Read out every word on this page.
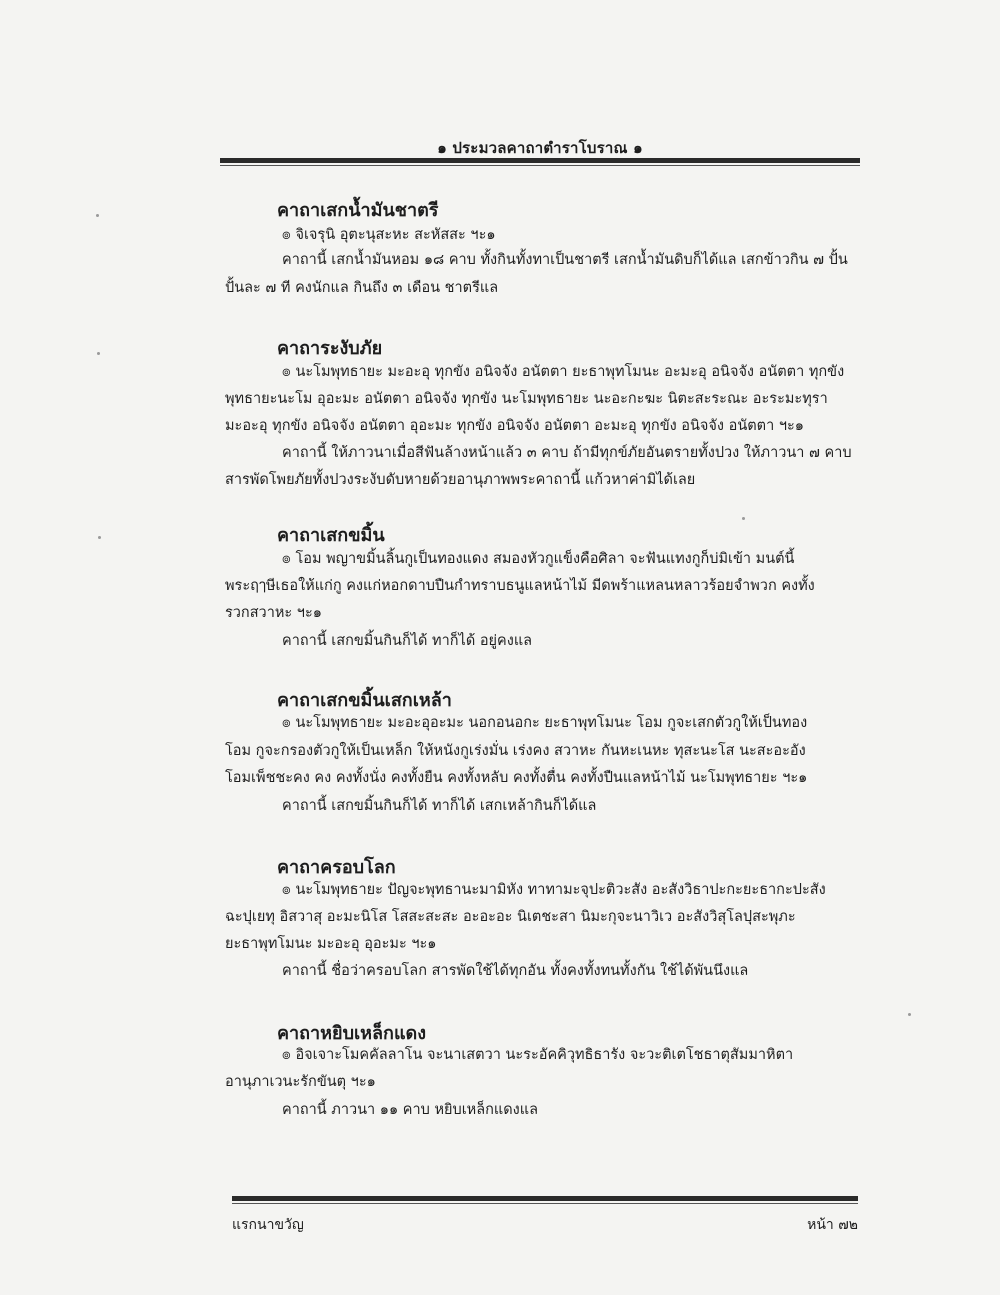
๑ ประมวลคาถาตำราโบราณ ๑
คาถาเสกน้ำมันชาตรี
๏ จิเจรุนิ อุตะนุสะหะ สะหัสสะ ฯะ๑
คาถานี้ เสกน้ำมันหอม ๑๘ คาบ ทั้งกินทั้งทาเป็นชาตรี เสกน้ำมันดิบก็ได้แล เสกข้าวกิน ๗ ปั้น
ปั้นละ ๗ ที คงนักแล กินถึง ๓ เดือน ชาตรีแล
คาถาระงับภัย
๏ นะโมพุทธายะ มะอะอุ ทุกขัง อนิจจัง อนัตตา ยะธาพุทโมนะ อะมะอุ อนิจจัง อนัตตา ทุกขัง
พุทธายะนะโม อุอะมะ อนัตตา อนิจจัง ทุกขัง นะโมพุทธายะ นะอะกะฆะ นิตะสะระณะ อะระมะทุรา
มะอะอุ ทุกขัง อนิจจัง อนัตตา อุอะมะ ทุกขัง อนิจจัง อนัตตา อะมะอุ ทุกขัง อนิจจัง อนัตตา ฯะ๑
คาถานี้ ให้ภาวนาเมื่อสีฟันล้างหน้าแล้ว ๓ คาบ ถ้ามีทุกข์ภัยอันตรายทั้งปวง ให้ภาวนา ๗ คาบ
สารพัดโพยภัยทั้งปวงระงับดับหายด้วยอานุภาพพระคาถานี้ แก้วหาค่ามิได้เลย
คาถาเสกขมิ้น
๏ โอม พญาขมิ้นลิ้นกูเป็นทองแดง สมองหัวกูแข็งคือศิลา จะฟันแทงกูก็บ่มิเข้า มนต์นี้
พระฤๅษีเธอให้แก่กู คงแก่หอกดาบปืนกำทราบธนูแลหน้าไม้ มีดพร้าแหลนหลาวร้อยจำพวก คงทั้ง
รวกสวาหะ ฯะ๑
คาถานี้ เสกขมิ้นกินก็ได้ ทาก็ได้ อยู่คงแล
คาถาเสกขมิ้นเสกเหล้า
๏ นะโมพุทธายะ มะอะอุอะมะ นอกอนอกะ ยะธาพุทโมนะ โอม กูจะเสกตัวกูให้เป็นทอง
โอม กูจะกรองตัวกูให้เป็นเหล็ก ให้หนังกูเร่งมั่น เร่งคง สวาหะ กันหะเนหะ ทุสะนะโส นะสะอะอัง
โอมเพ็ชชะคง คง คงทั้งนั่ง คงทั้งยืน คงทั้งหลับ คงทั้งตื่น คงทั้งปืนแลหน้าไม้ นะโมพุทธายะ ฯะ๑
คาถานี้ เสกขมิ้นกินก็ได้ ทาก็ได้ เสกเหล้ากินก็ได้แล
คาถาครอบโลก
๏ นะโมพุทธายะ ปัญจะพุทธานะมามิหัง ทาทามะจุปะติวะสัง อะสังวิธาปะกะยะธากะปะสัง
ฉะปุเยทุ อิสวาสุ อะมะนิโส โสสะสะสะ อะอะอะ นิเตชะสา นิมะกุจะนาวิเว อะสังวิสุโลปุสะพุภะ
ยะธาพุทโมนะ มะอะอุ อุอะมะ ฯะ๑
คาถานี้ ชื่อว่าครอบโลก สารพัดใช้ได้ทุกอัน ทั้งคงทั้งทนทั้งกัน ใช้ได้พันนึงแล
คาถาหยิบเหล็กแดง
๏ อิจเจาะโมคคัลลาโน จะนาเสตวา นะระอัคคิวุทธิธารัง จะวะติเตโชธาตุสัมมาหิตา
อานุภาเวนะรักขันตุ ฯะ๑
คาถานี้ ภาวนา ๑๑ คาบ หยิบเหล็กแดงแล
แรกนาขวัญ	หน้า ๗๒
